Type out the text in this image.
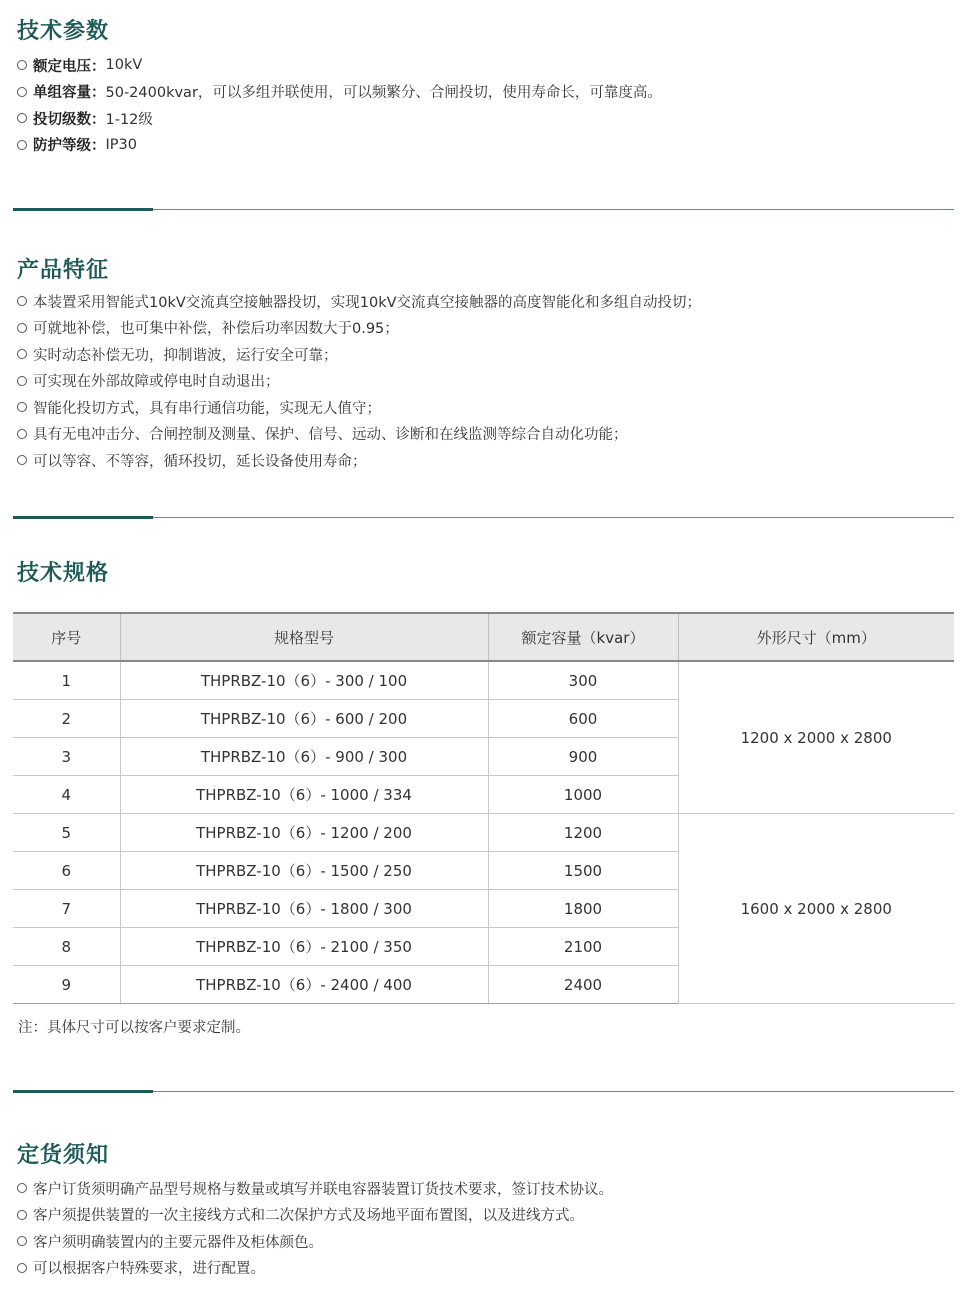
技术参数
额定电压： 10kV
单组容量： 50-2400kvar，可以多组并联使用，可以频繁分、合闸投切，使用寿命长，可靠度高。
投切级数： 1-12级
防护等级： IP30
产品特征
本装置采用智能式10kV交流真空接触器投切，实现10kV交流真空接触器的高度智能化和多组自动投切；
可就地补偿，也可集中补偿，补偿后功率因数大于0.95；
实时动态补偿无功，抑制谐波，运行安全可靠；
可实现在外部故障或停电时自动退出；
智能化投切方式，具有串行通信功能，实现无人值守；
具有无电冲击分、合闸控制及测量、保护、信号、远动、诊断和在线监测等综合自动化功能；
可以等容、不等容，循环投切，延长设备使用寿命；
技术规格
序号	规格型号	额定容量（kvar）	外形尺寸（mm）
1	THPRBZ-10（6）- 300 / 100	300	1200 x 2000 x 2800
2	THPRBZ-10（6）- 600 / 200	600	
3	THPRBZ-10（6）- 900 / 300	900	
4	THPRBZ-10（6）- 1000 / 334	1000	
5	THPRBZ-10（6）- 1200 / 200	1200	1600 x 2000 x 2800
6	THPRBZ-10（6）- 1500 / 250	1500	
7	THPRBZ-10（6）- 1800 / 300	1800	
8	THPRBZ-10（6）- 2100 / 350	2100	
9	THPRBZ-10（6）- 2400 / 400	2400	
注：具体尺寸可以按客户要求定制。
定货须知
客户订货须明确产品型号规格与数量或填写并联电容器装置订货技术要求，签订技术协议。
客户须提供装置的一次主接线方式和二次保护方式及场地平面布置图，以及进线方式。
客户须明确装置内的主要元器件及柜体颜色。
可以根据客户特殊要求，进行配置。
